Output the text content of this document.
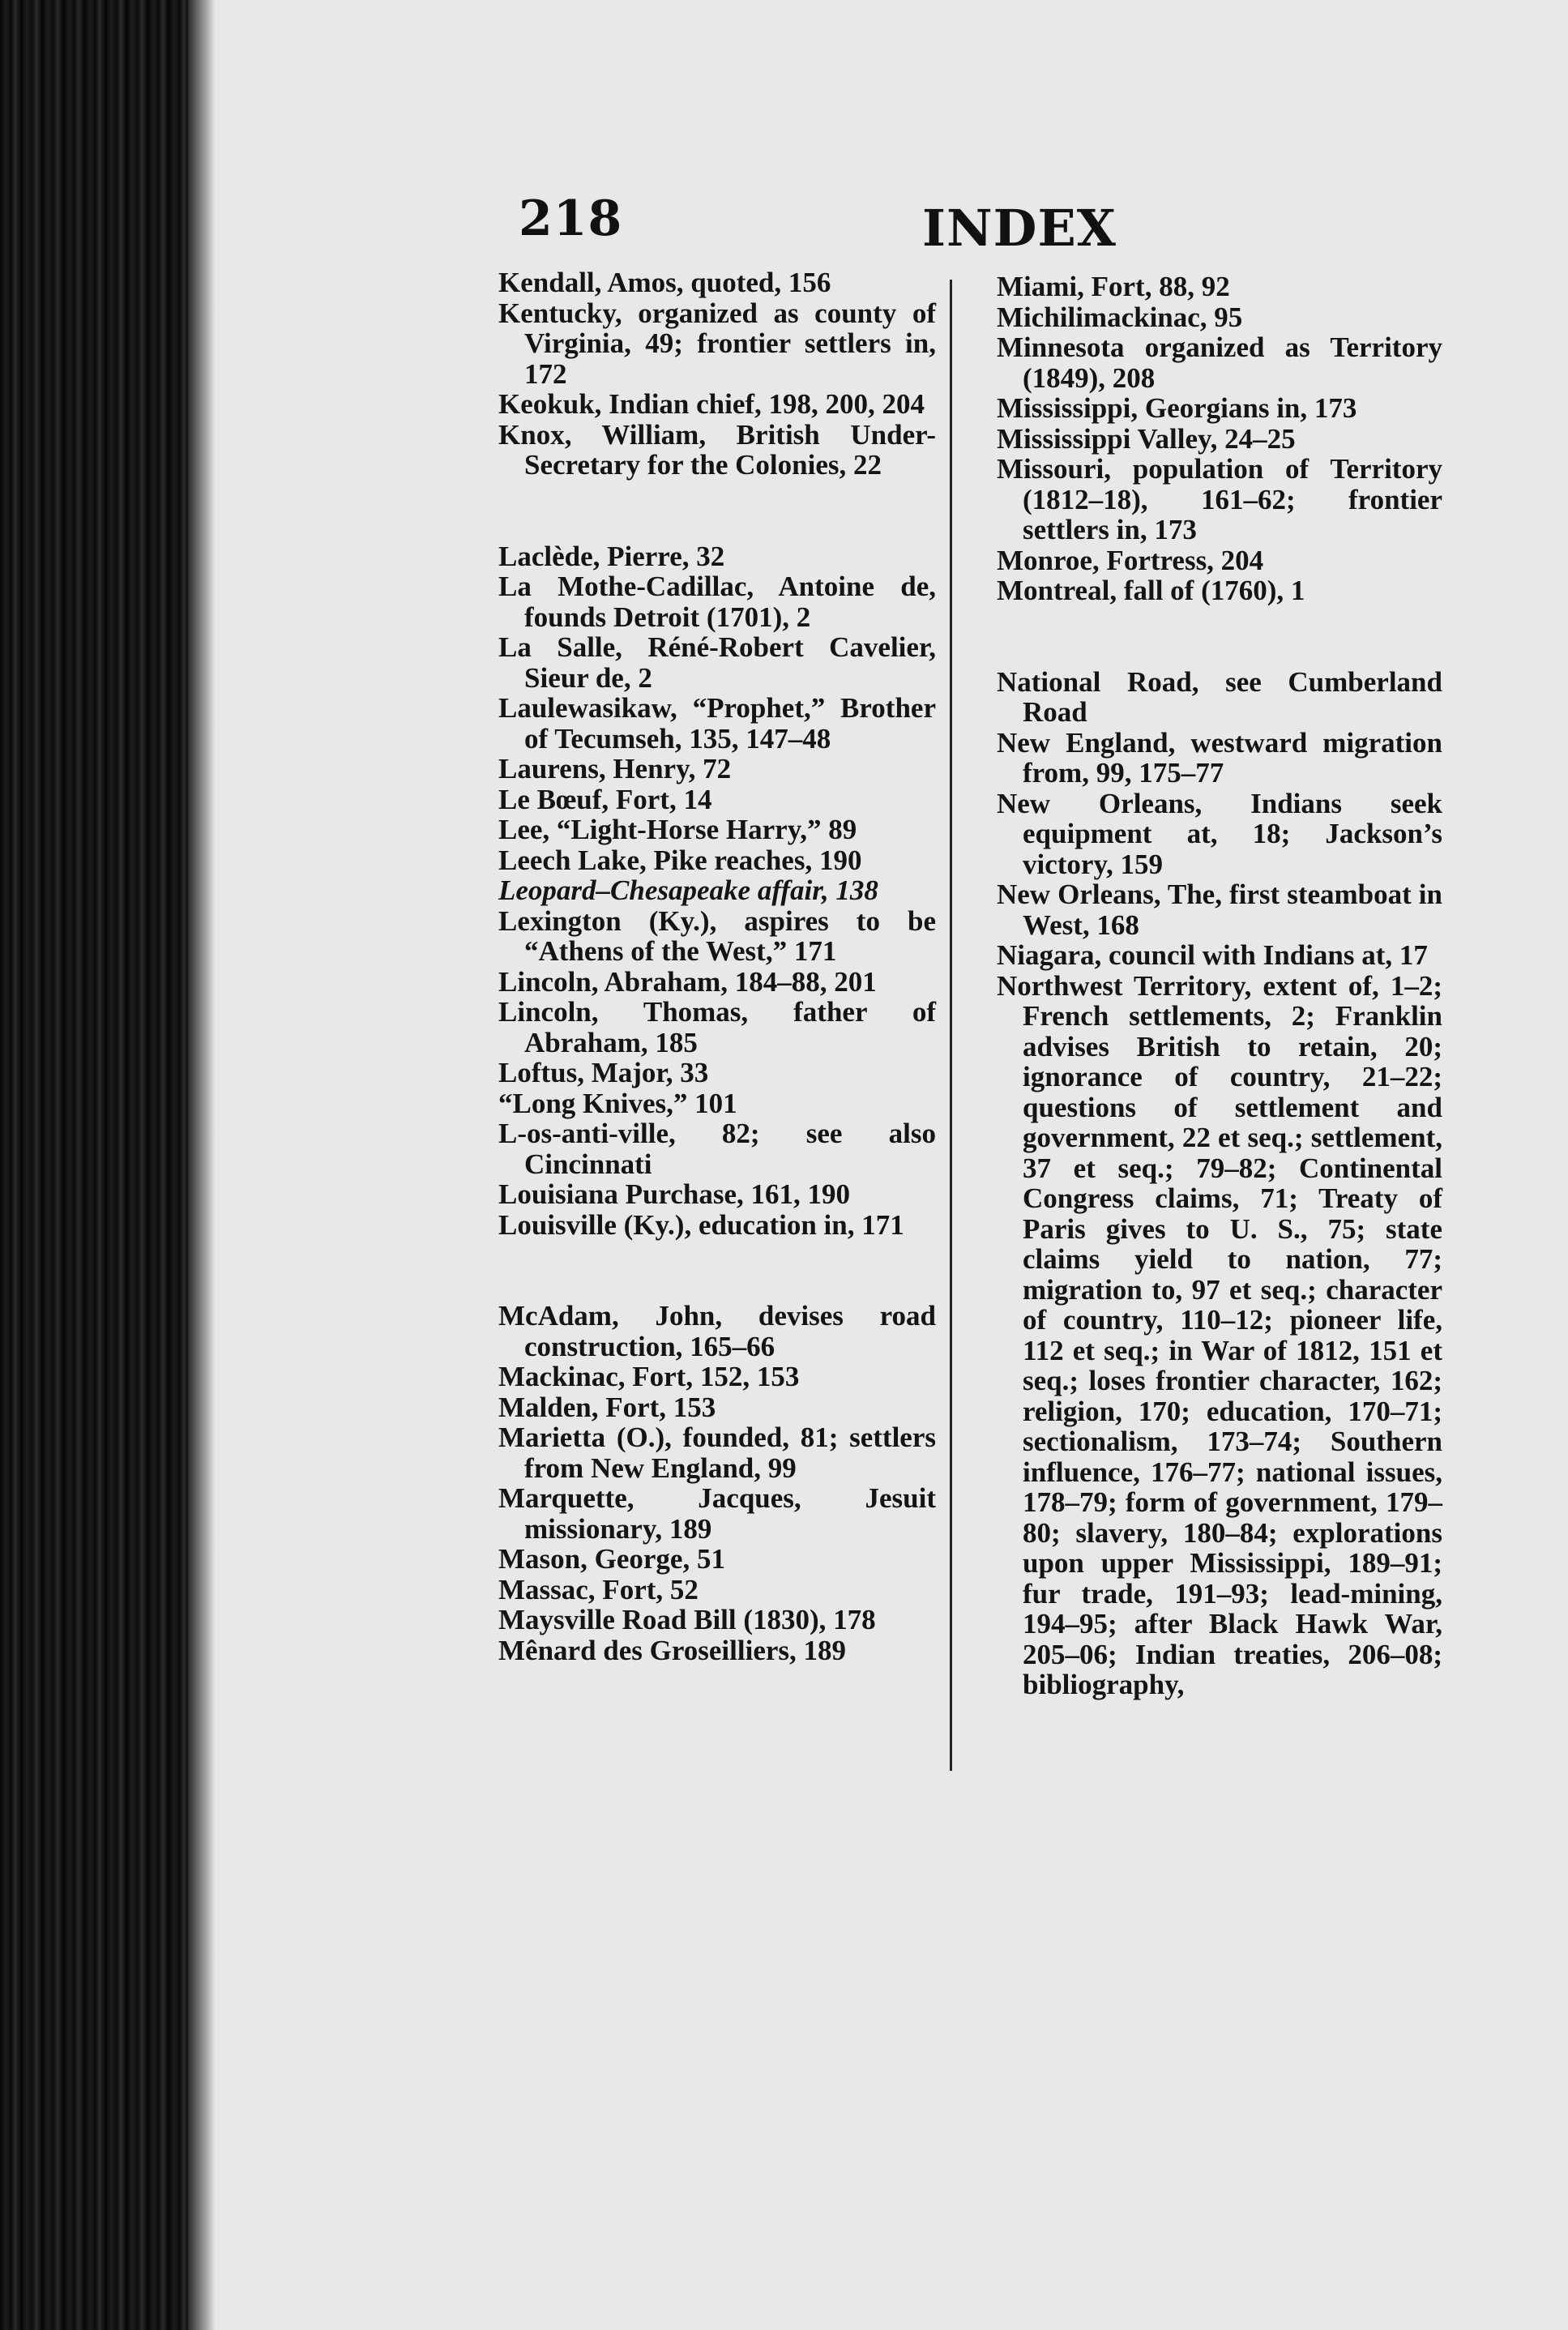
218	INDEX

Kendall, Amos, quoted, 156

Kentucky, organized as county of Virginia, 49; frontier settlers in, 172

Keokuk, Indian chief, 198, 200, 204

Knox, William, British Under-Secretary for the Colonies, 22

Laclède, Pierre, 32

La Mothe-Cadillac, Antoine de, founds Detroit (1701), 2

La Salle, Réné-Robert Cavelier, Sieur de, 2

Laulewasikaw, “Prophet,” Brother of Tecumseh, 135, 147–48

Laurens, Henry, 72

Le Bœuf, Fort, 14

Lee, “Light-Horse Harry,” 89

Leech Lake, Pike reaches, 190

Leopard–Chesapeake affair, 138

Lexington (Ky.), aspires to be “Athens of the West,” 171

Lincoln, Abraham, 184–88, 201

Lincoln, Thomas, father of Abraham, 185

Loftus, Major, 33

“Long Knives,” 101

L-os-anti-ville, 82; see also Cincinnati

Louisiana Purchase, 161, 190

Louisville (Ky.), education in, 171

McAdam, John, devises road construction, 165–66

Mackinac, Fort, 152, 153

Malden, Fort, 153

Marietta (O.), founded, 81; settlers from New England, 99

Marquette, Jacques, Jesuit missionary, 189

Mason, George, 51

Massac, Fort, 52

Maysville Road Bill (1830), 178

Mênard des Groseilliers, 189

Miami, Fort, 88, 92

Michilimackinac, 95

Minnesota organized as Territory (1849), 208

Mississippi, Georgians in, 173

Mississippi Valley, 24–25

Missouri, population of Territory (1812–18), 161–62; frontier settlers in, 173

Monroe, Fortress, 204

Montreal, fall of (1760), 1

National Road, see Cumberland Road

New England, westward migration from, 99, 175–77

New Orleans, Indians seek equipment at, 18; Jackson’s victory, 159

New Orleans, The, first steamboat in West, 168

Niagara, council with Indians at, 17

Northwest Territory, extent of, 1–2; French settlements, 2; Franklin advises British to retain, 20; ignorance of country, 21–22; questions of settlement and government, 22 et seq.; settlement, 37 et seq.; 79–82; Continental Congress claims, 71; Treaty of Paris gives to U. S., 75; state claims yield to nation, 77; migration to, 97 et seq.; character of country, 110–12; pioneer life, 112 et seq.; in War of 1812, 151 et seq.; loses frontier character, 162; religion, 170; education, 170–71; sectionalism, 173–74; Southern influence, 176–77; national issues, 178–79; form of government, 179–80; slavery, 180–84; explorations upon upper Mississippi, 189–91; fur trade, 191–93; lead-mining, 194–95; after Black Hawk War, 205–06; Indian treaties, 206–08; bibliography,
